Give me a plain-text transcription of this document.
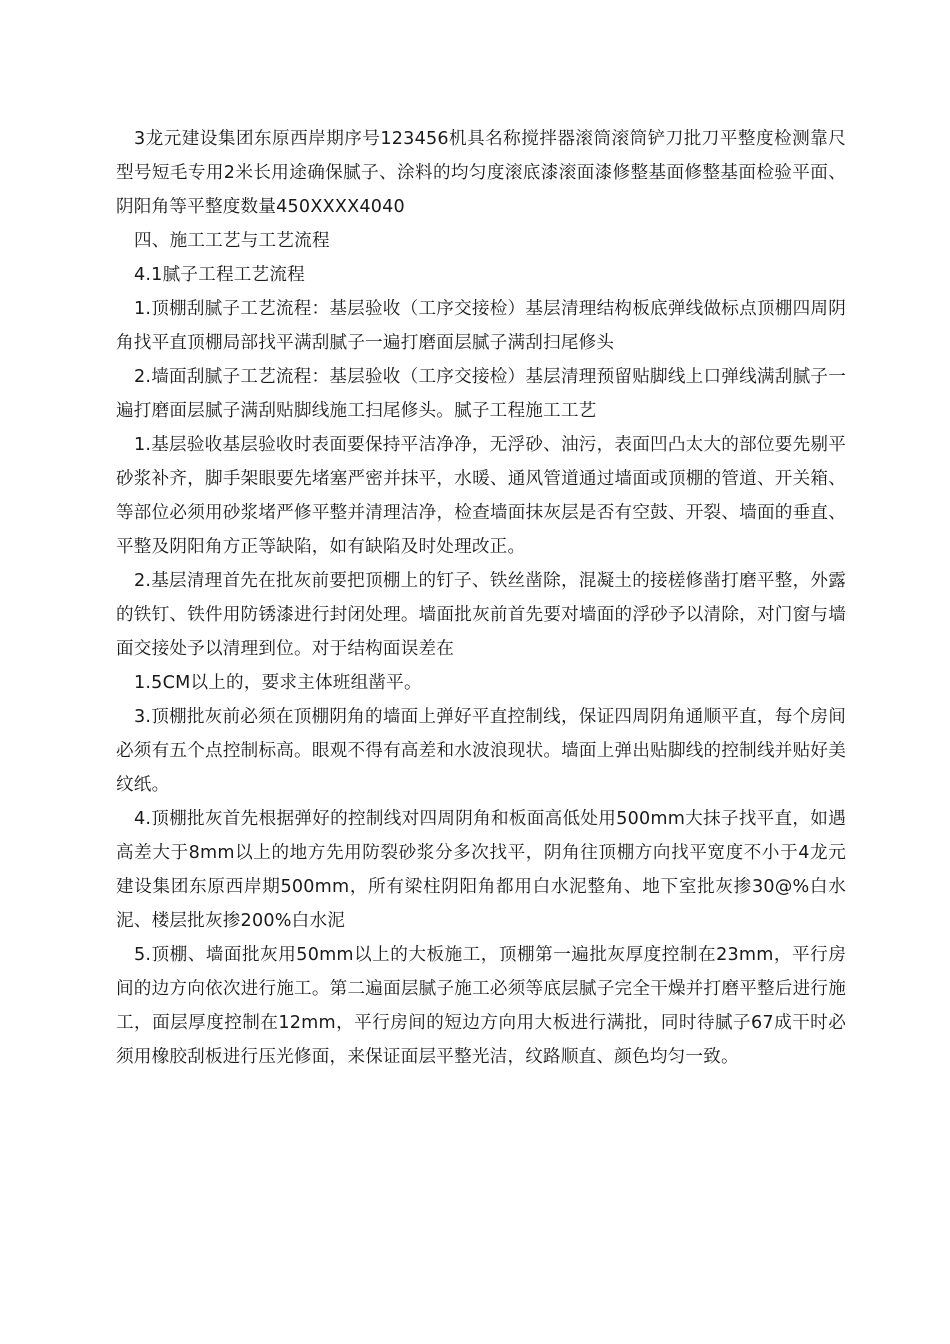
3龙元建设集团东原西岸期序号123456机具名称搅拌器滚筒滚筒铲刀批刀平整度检测靠尺型号短毛专用2米长用途确保腻子、涂料的均匀度滚底漆滚面漆修整基面修整基面检验平面、阴阳角等平整度数量450XXXX4040

四、施工工艺与工艺流程

4.1腻子工程工艺流程

1.顶棚刮腻子工艺流程：基层验收（工序交接检）基层清理结构板底弹线做标点顶棚四周阴角找平直顶棚局部找平满刮腻子一遍打磨面层腻子满刮扫尾修头

2.墙面刮腻子工艺流程：基层验收（工序交接检）基层清理预留贴脚线上口弹线满刮腻子一遍打磨面层腻子满刮贴脚线施工扫尾修头。腻子工程施工工艺

1.基层验收基层验收时表面要保持平洁净净，无浮砂、油污，表面凹凸太大的部位要先剔平砂浆补齐，脚手架眼要先堵塞严密并抹平，水暖、通风管道通过墙面或顶棚的管道、开关箱、等部位必须用砂浆堵严修平整并清理洁净，检查墙面抹灰层是否有空鼓、开裂、墙面的垂直、平整及阴阳角方正等缺陷，如有缺陷及时处理改正。

2.基层清理首先在批灰前要把顶棚上的钉子、铁丝凿除，混凝土的接槎修凿打磨平整，外露的铁钉、铁件用防锈漆进行封闭处理。墙面批灰前首先要对墙面的浮砂予以清除，对门窗与墙面交接处予以清理到位。对于结构面误差在

1.5CM以上的，要求主体班组凿平。

3.顶棚批灰前必须在顶棚阴角的墙面上弹好平直控制线，保证四周阴角通顺平直，每个房间必须有五个点控制标高。眼观不得有高差和水波浪现状。墙面上弹出贴脚线的控制线并贴好美纹纸。

4.顶棚批灰首先根据弹好的控制线对四周阴角和板面高低处用500mm大抹子找平直，如遇高差大于8mm以上的地方先用防裂砂浆分多次找平，阴角往顶棚方向找平宽度不小于4龙元建设集团东原西岸期500mm，所有梁柱阴阳角都用白水泥整角、地下室批灰掺30@%白水泥、楼层批灰掺200%白水泥

5.顶棚、墙面批灰用50mm以上的大板施工，顶棚第一遍批灰厚度控制在23mm，平行房间的边方向依次进行施工。第二遍面层腻子施工必须等底层腻子完全干燥并打磨平整后进行施工，面层厚度控制在12mm，平行房间的短边方向用大板进行满批，同时待腻子67成干时必须用橡胶刮板进行压光修面，来保证面层平整光洁，纹路顺直、颜色均匀一致。
